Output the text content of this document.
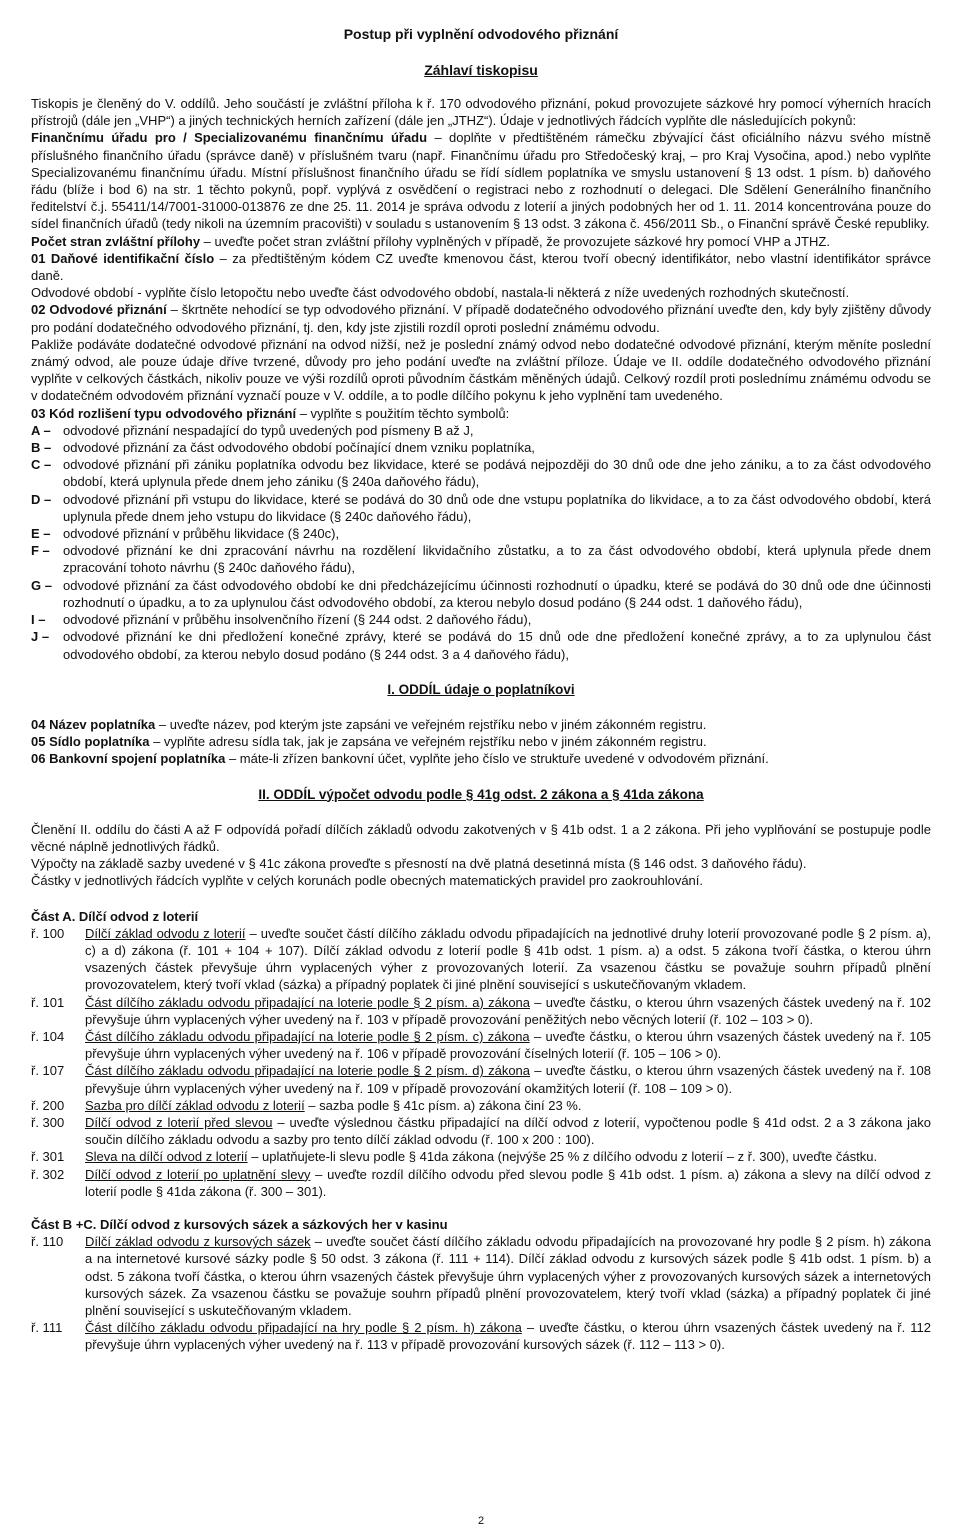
Postup při vyplnění odvodového přiznání
Záhlaví tiskopisu

Tiskopis je členěný do V. oddílů. Jeho součástí je zvláštní příloha k ř. 170 odvodového přiznání, pokud provozujete sázkové hry pomocí výherních hracích přístrojů (dále jen „VHP“) a jiných technických herních zařízení (dále jen „JTHZ“). Údaje v jednotlivých řádcích vyplňte dle následujících pokynů:

Finančnímu úřadu pro / Specializovanému finančnímu úřadu – doplňte v předtištěném rámečku zbývající část oficiálního názvu svého místně příslušného finančního úřadu (správce daně) v příslušném tvaru (např. Finančnímu úřadu pro Středočeský kraj, – pro Kraj Vysočina, apod.) nebo vyplňte Specializovanému finančnímu úřadu. Místní příslušnost finančního úřadu se řídí sídlem poplatníka ve smyslu ustanovení § 13 odst. 1 písm. b) daňového řádu (blíže i bod 6) na str. 1 těchto pokynů, popř. vyplývá z osvědčení o registraci nebo z rozhodnutí o delegaci. Dle Sdělení Generálního finančního ředitelství č.j. 55411/14/7001-31000-013876 ze dne 25. 11. 2014 je správa odvodu z loterií a jiných podobných her od 1. 11. 2014 koncentrována pouze do sídel finančních úřadů (tedy nikoli na územním pracovišti) v souladu s ustanovením § 13 odst. 3 zákona č. 456/2011 Sb., o Finanční správě České republiky.

Počet stran zvláštní přílohy – uveďte počet stran zvláštní přílohy vyplněných v případě, že provozujete sázkové hry pomocí VHP a JTHZ.

01 Daňové identifikační číslo – za předtištěným kódem CZ uveďte kmenovou část, kterou tvoří obecný identifikátor, nebo vlastní identifikátor správce daně.

Odvodové období - vyplňte číslo letopočtu nebo uveďte část odvodového období, nastala-li některá z níže uvedených rozhodných skutečností.

02 Odvodové přiznání – škrtněte nehodící se typ odvodového přiznání. V případě dodatečného odvodového přiznání uveďte den, kdy byly zjištěny důvody pro podání dodatečného odvodového přiznání, tj. den, kdy jste zjistili rozdíl oproti poslední známému odvodu.

Pakliže podáváte dodatečné odvodové přiznání na odvod nižší, než je poslední známý odvod nebo dodatečné odvodové přiznání, kterým měníte poslední známý odvod, ale pouze údaje dříve tvrzené, důvody pro jeho podání uveďte na zvláštní příloze. Údaje ve II. oddíle dodatečného odvodového přiznání vyplňte v celkových částkách, nikoliv pouze ve výši rozdílů oproti původním částkám měněných údajů. Celkový rozdíl proti poslednímu známému odvodu se v dodatečném odvodovém přiznání vyznačí pouze v V. oddíle, a to podle dílčího pokynu k jeho vyplnění tam uvedeného.

03 Kód rozlišení typu odvodového přiznání – vyplňte s použitím těchto symbolů:

A – odvodové přiznání nespadající do typů uvedených pod písmeny B až J,
B – odvodové přiznání za část odvodového období počínající dnem vzniku poplatníka,
C – odvodové přiznání při zániku poplatníka odvodu bez likvidace, které se podává nejpozději do 30 dnů ode dne jeho zániku, a to za část odvodového období, která uplynula přede dnem jeho zániku (§ 240a daňového řádu),
D – odvodové přiznání při vstupu do likvidace, které se podává do 30 dnů ode dne vstupu poplatníka do likvidace, a to za část odvodového období, která uplynula přede dnem jeho vstupu do likvidace (§ 240c daňového řádu),
E – odvodové přiznání v průběhu likvidace (§ 240c),
F –	odvodové přiznání ke dni zpracování návrhu na rozdělení likvidačního zůstatku, a to za část odvodového období, která uplynula přede dnem zpracování tohoto návrhu (§ 240c daňového řádu),
G – odvodové přiznání za část odvodového období ke dni předcházejícímu účinnosti rozhodnutí o úpadku, které se podává do 30 dnů ode dne účinnosti rozhodnutí o úpadku, a to za uplynulou část odvodového období, za kterou nebylo dosud podáno (§ 244 odst. 1 daňového řádu),
I –	odvodové přiznání v průběhu insolvenčního řízení (§ 244 odst. 2 daňového řádu),
J –	odvodové přiznání ke dni předložení konečné zprávy, které se podává do 15 dnů ode dne předložení konečné zprávy, a to za uplynulou část odvodového období, za kterou nebylo dosud podáno (§ 244 odst. 3 a 4 daňového řádu),
I. ODDÍL údaje o poplatníkovi

04 Název poplatníka – uveďte název, pod kterým jste zapsáni ve veřejném rejstříku nebo v jiném zákonném registru.

05 Sídlo poplatníka – vyplňte adresu sídla tak, jak je zapsána ve veřejném rejstříku nebo v jiném zákonném registru.

06 Bankovní spojení poplatníka – máte-li zřízen bankovní účet, vyplňte jeho číslo ve struktuře uvedené v odvodovém přiznání.

II. ODDÍL výpočet odvodu podle § 41g odst. 2 zákona a § 41da zákona

Členění II. oddílu do části A až F odpovídá pořadí dílčích základů odvodu zakotvených v § 41b odst. 1 a 2 zákona. Při jeho vyplňování se postupuje podle věcné náplně jednotlivých řádků.

Výpočty na základě sazby uvedené v § 41c zákona proveďte s přesností na dvě platná desetinná místa (§ 146 odst. 3 daňového řádu).

Částky v jednotlivých řádcích vyplňte v celých korunách podle obecných matematických pravidel pro zaokrouhlování.

Část A. Dílčí odvod z loterií

ř. 100	Dílčí základ odvodu z loterií – uveďte součet částí dílčího základu odvodu připadajících na jednotlivé druhy loterií provozované podle § 2 písm. a), c) a d) zákona (ř. 101 + 104 + 107). Dílčí základ odvodu z loterií podle § 41b odst. 1 písm. a) a odst. 5 zákona tvoří částka, o kterou úhrn vsazených částek převyšuje úhrn vyplacených výher z provozovaných loterií. Za vsazenou částku se považuje souhrn případů plnění provozovatelem, který tvoří vklad (sázka) a případný poplatek či jiné plnění související s uskutečňovaným vkladem.
ř. 101	Část dílčího základu odvodu připadající na loterie podle § 2 písm. a) zákona – uveďte částku, o kterou úhrn vsazených částek uvedený na ř. 102 převyšuje úhrn vyplacených výher uvedený na ř. 103 v případě provozování peněžitých nebo věcných loterií (ř. 102 – 103 > 0).
ř. 104	Část dílčího základu odvodu připadající na loterie podle § 2 písm. c) zákona – uveďte částku, o kterou úhrn vsazených částek uvedený na ř. 105 převyšuje úhrn vyplacených výher uvedený na ř. 106 v případě provozování číselných loterií (ř. 105 – 106 > 0).
ř. 107	Část dílčího základu odvodu připadající na loterie podle § 2 písm. d) zákona – uveďte částku, o kterou úhrn vsazených částek uvedený na ř. 108 převyšuje úhrn vyplacených výher uvedený na ř. 109 v případě provozování okamžitých loterií (ř. 108 – 109 > 0).
ř. 200	Sazba pro dílčí základ odvodu z loterií – sazba podle § 41c písm. a) zákona činí 23 %.
ř. 300	Dílčí odvod z loterií před slevou – uveďte výslednou částku připadající na dílčí odvod z loterií, vypočtenou podle § 41d odst. 2 a 3 zákona jako součin dílčího základu odvodu a sazby pro tento dílčí základ odvodu (ř. 100 x 200 : 100).
ř. 301	Sleva na dílčí odvod z loterií – uplatňujete-li slevu podle § 41da zákona (nejvýše 25 % z dílčího odvodu z loterií – z ř. 300), uveďte částku.
ř. 302	Dílčí odvod z loterií po uplatnění slevy – uveďte rozdíl dílčího odvodu před slevou podle § 41b odst. 1 písm. a) zákona a slevy na dílčí odvod z loterií podle § 41da zákona (ř. 300 – 301).

Část B +C. Dílčí odvod z kursových sázek a sázkových her v kasinu

ř. 110	Dílčí základ odvodu z kursových sázek – uveďte součet částí dílčího základu odvodu připadajících na provozované hry podle § 2 písm. h) zákona a na internetové kursové sázky podle § 50 odst. 3 zákona (ř. 111 + 114). Dílčí základ odvodu z kursových sázek podle § 41b odst. 1 písm. b) a odst. 5 zákona tvoří částka, o kterou úhrn vsazených částek převyšuje úhrn vyplacených výher z provozovaných kursových sázek a internetových kursových sázek. Za vsazenou částku se považuje souhrn případů plnění provozovatelem, který tvoří vklad (sázka) a případný poplatek či jiné plnění související s uskutečňovaným vkladem.
ř. 111	Část dílčího základu odvodu připadající na hry podle § 2 písm. h) zákona – uveďte částku, o kterou úhrn vsazených částek uvedený na ř. 112 převyšuje úhrn vyplacených výher uvedený na ř. 113 v případě provozování kursových sázek (ř. 112 – 113 > 0).
2
